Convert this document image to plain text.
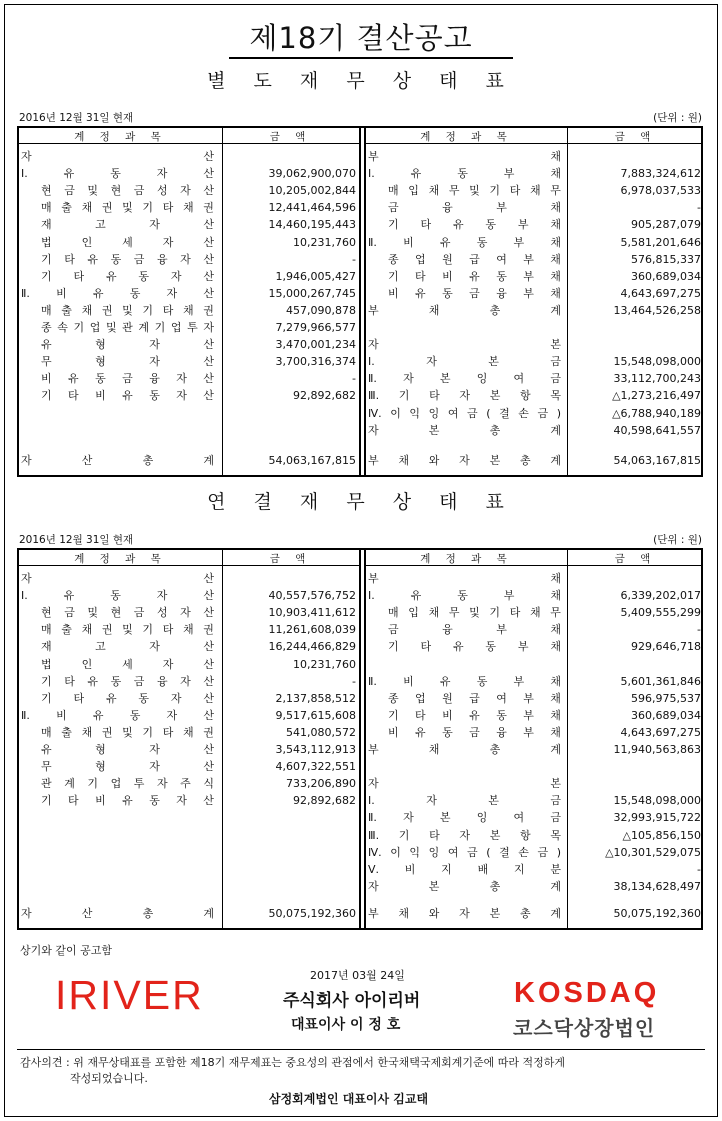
제18기 결산공고
별 도 재 무 상 태 표
2016년 12월 31일 현재	(단위 : 원)
계 정 과 목	금 액
자	산
Ⅰ.	유	동	자	산	39,062,900,070
현 금 및 현 금 성 자 산	10,205,002,844
매 출 채 권 및 기 타 채 권	12,441,464,596
재	고	자	산	14,460,195,443
법	인	세	자	산	10,231,760
기 타 유 동 금 융 자 산	-
기 타 유 동 자 산	1,946,005,427
Ⅱ. 비 유 동 자 산	15,000,267,745
매 출 채 권 및 기 타 채 권	457,090,878
종 속 기 업 및 관 계 기 업 투 자	7,279,966,577
유	형	자	산	3,470,001,234
무	형	자	산	3,700,316,374
비 유 동 금 융 자 산	-
기 타 비 유 동 자 산	92,892,682
자	산	총	계	54,063,167,815
계 정 과 목	금 액
부	채
Ⅰ.	유	동	부	채	7,883,324,612
매 입 채 무 및 기 타 채 무	6,978,037,533
금	융	부	채	-
기 타 유 동 부 채	905,287,079
Ⅱ. 비 유 동 부 채	5,581,201,646
종 업 원 급 여 부 채	576,815,337
기 타 비 유 동 부 채	360,689,034
비 유 동 금 융 부 채	4,643,697,275
부	채	총	계	13,464,526,258
자	본
Ⅰ.	자	본	금	15,548,098,000
Ⅱ. 자 본 잉 여 금	33,112,700,243
Ⅲ. 기 타 자 본 항 목	△1,273,216,497
Ⅳ. 이 익 잉 여 금 ( 결 손 금 )	△6,788,940,189
자	본	총	계	40,598,641,557
부 채 와 자 본 총 계	54,063,167,815
연 결 재 무 상 태 표
2016년 12월 31일 현재	(단위 : 원)
계 정 과 목	금 액
자	산
Ⅰ.	유	동	자	산	40,557,576,752
현 금 및 현 금 성 자 산	10,903,411,612
매 출 채 권 및 기 타 채 권	11,261,608,039
재	고	자	산	16,244,466,829
법	인	세	자	산	10,231,760
기 타 유 동 금 융 자 산	-
기 타 유 동 자 산	2,137,858,512
Ⅱ. 비 유 동 자 산	9,517,615,608
매 출 채 권 및 기 타 채 권	541,080,572
유	형	자	산	3,543,112,913
무	형	자	산	4,607,322,551
관 계 기 업 투 자 주 식	733,206,890
기 타 비 유 동 자 산	92,892,682
자	산	총	계	50,075,192,360
계 정 과 목	금 액
부	채
Ⅰ.	유	동	부	채	6,339,202,017
매 입 채 무 및 기 타 채 무	5,409,555,299
금	융	부	채	-
기 타 유 동 부 채	929,646,718
Ⅱ. 비 유 동 부 채	5,601,361,846
종 업 원 급 여 부 채	596,975,537
기 타 비 유 동 부 채	360,689,034
비 유 동 금 융 부 채	4,643,697,275
부	채	총	계	11,940,563,863
자	본
Ⅰ.	자	본	금	15,548,098,000
Ⅱ. 자 본 잉 여 금	32,993,915,722
Ⅲ. 기 타 자 본 항 목	△105,856,150
Ⅳ. 이 익 잉 여 금 ( 결 손 금 )	△10,301,529,075
Ⅴ. 비 지 배 지 분	-
자	본	총	계	38,134,628,497
부 채 와 자 본 총 계	50,075,192,360
상기와 같이 공고함
IRIVER	2017년 03월 24일
주식회사 아이리버
대표이사 이 정 호
KOSDAQ
코스닥상장법인
감사의견 : 위 재무상태표를 포함한 제18기 재무제표는 중요성의 관점에서 한국채택국제회계기준에 따라 적정하게
작성되었습니다.
삼정회계법인 대표이사 김교태
